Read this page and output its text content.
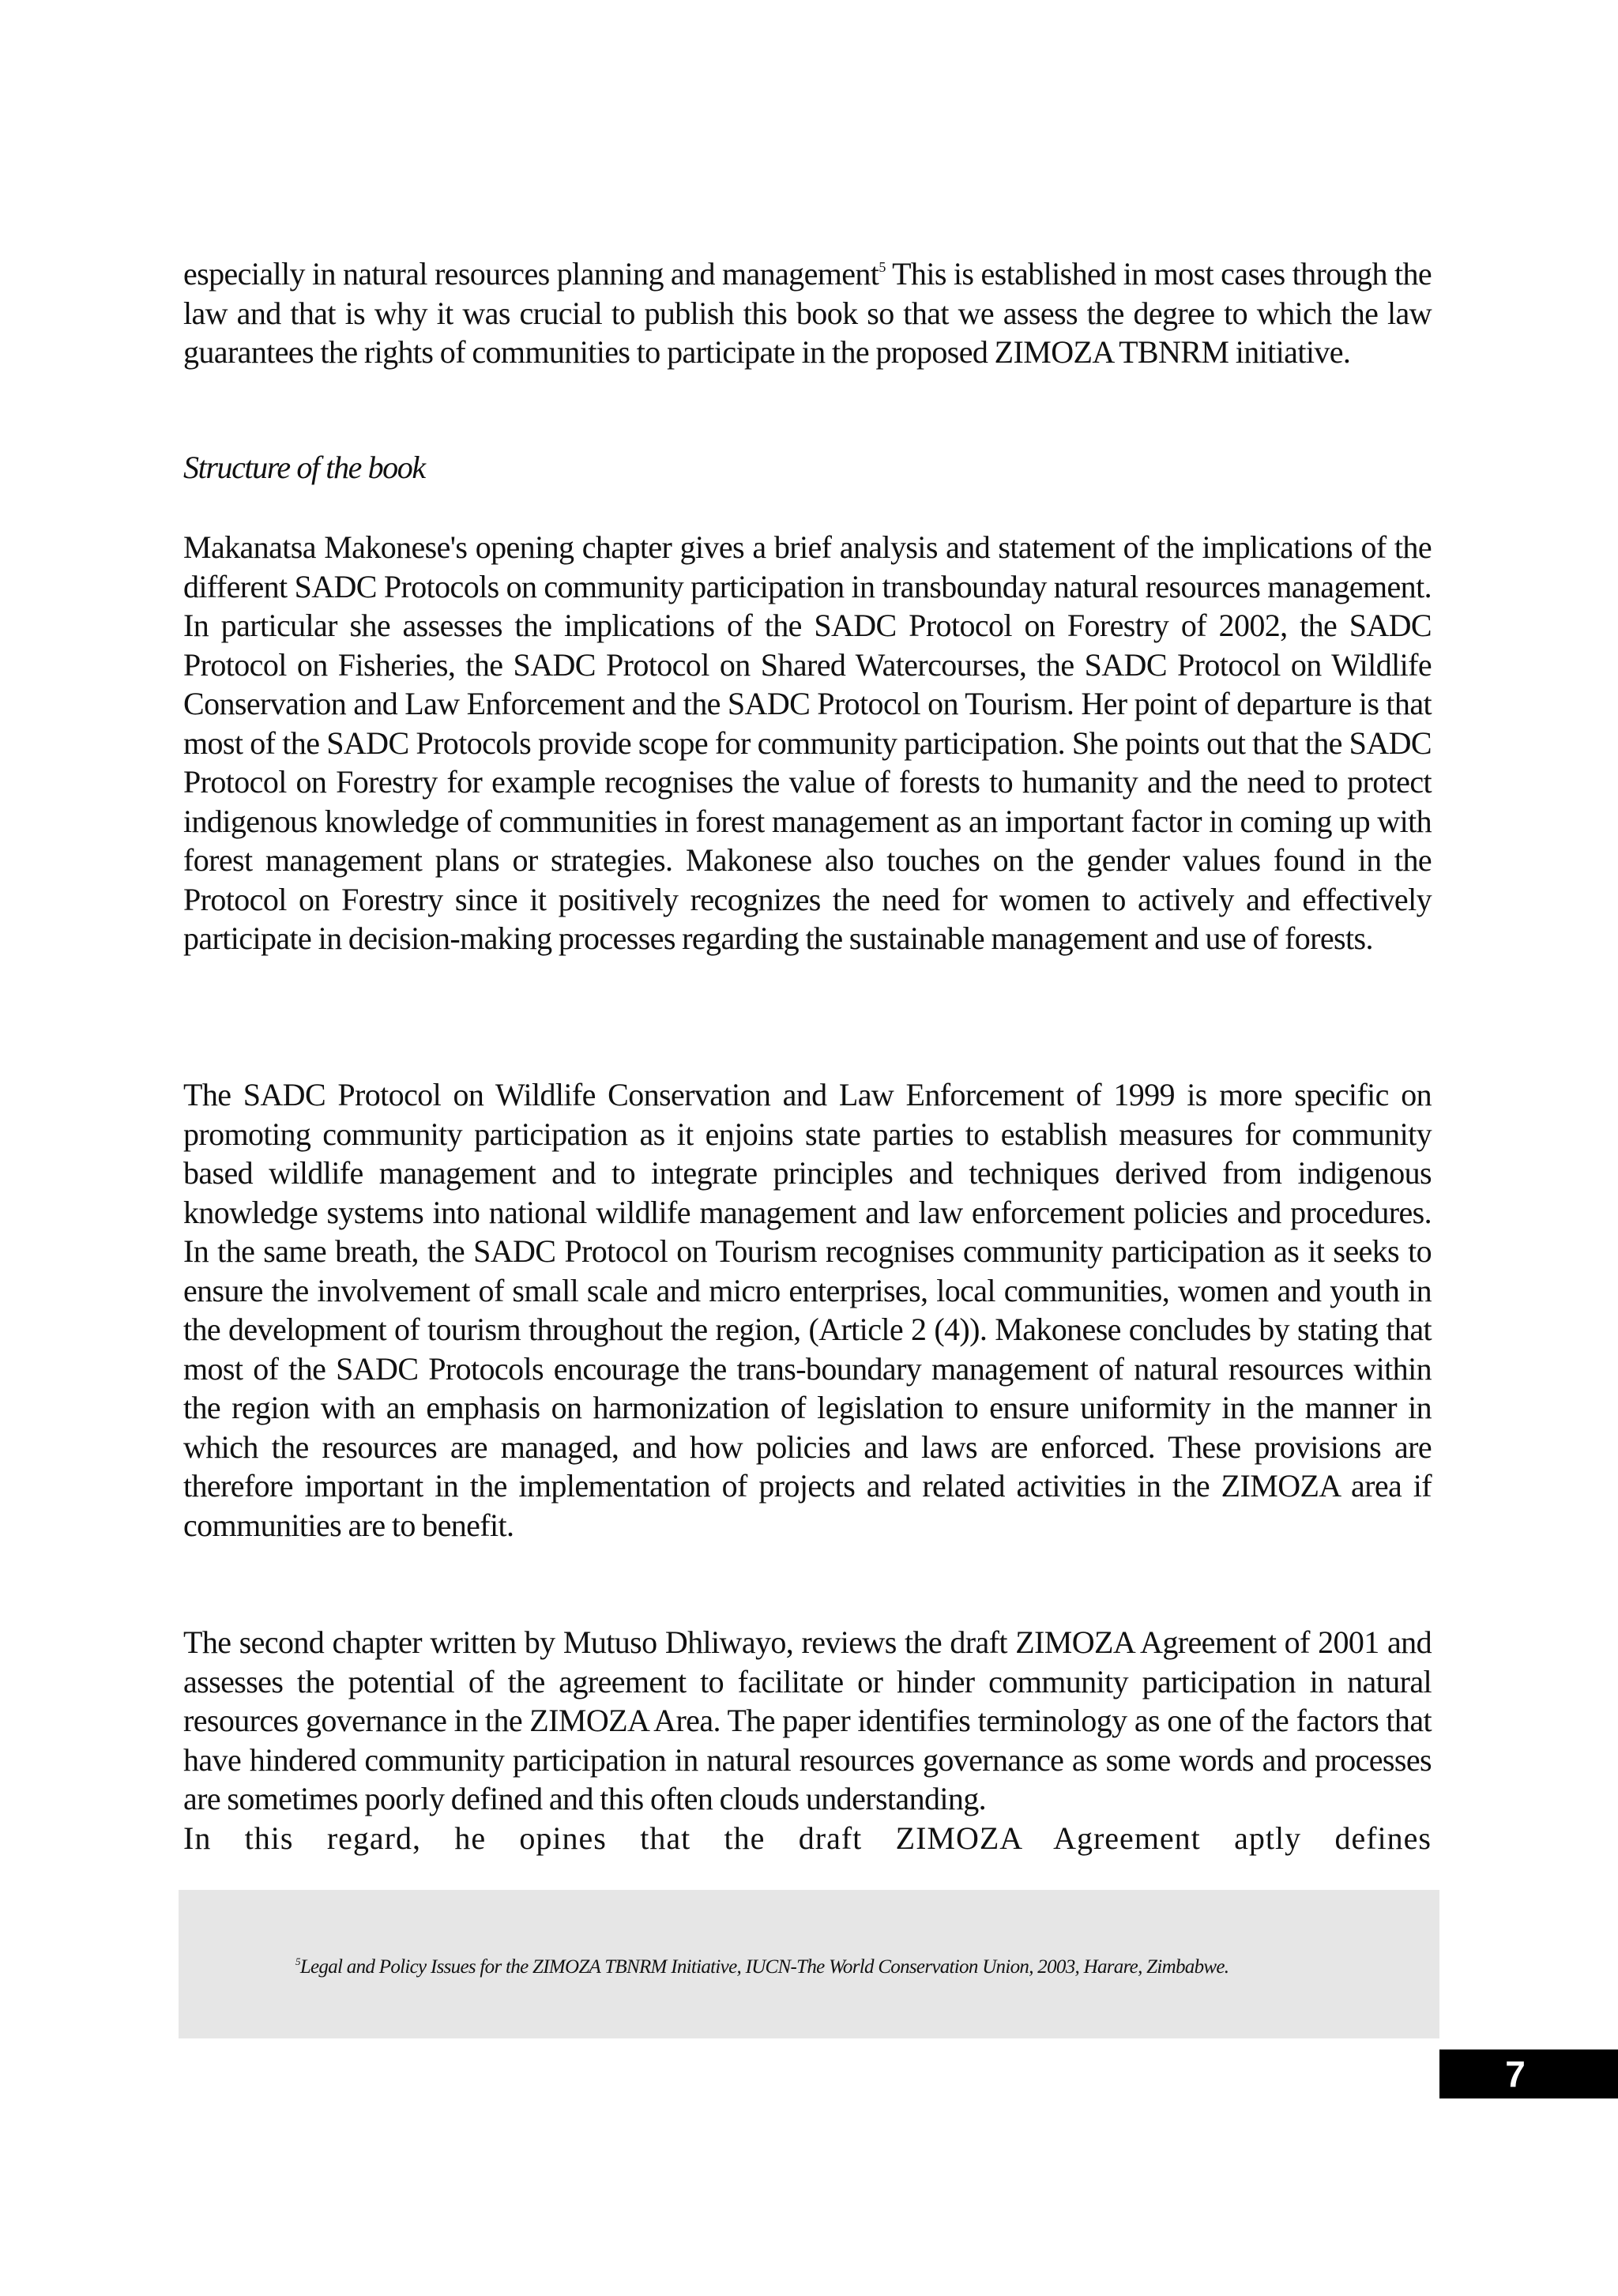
especially in natural resources planning and management$^5$ This is established in most cases through the law and that is why it was crucial to publish this book so that we assess the degree to which the law guarantees the rights of communities to participate in the proposed ZIMOZA TBNRM initiative.
Structure of the book
Makanatsa Makonese's opening chapter gives a brief analysis and statement of the implications of the different SADC Protocols on community participation in transbounday natural resources management. In particular she assesses the implications of the SADC Protocol on Forestry of 2002, the SADC Protocol on Fisheries, the SADC Protocol on Shared Watercourses, the SADC Protocol on Wildlife Conservation and Law Enforcement and the SADC Protocol on Tourism. Her point of departure is that most of the SADC Protocols provide scope for community participation. She points out that the SADC Protocol on Forestry for example recognises the value of forests to humanity and the need to protect indigenous knowledge of communities in forest management as an important factor in coming up with forest management plans or strategies. Makonese also touches on the gender values found in the Protocol on Forestry since it positively recognizes the need for women to actively and effectively participate in decision-making processes regarding the sustainable management and use of forests.
The SADC Protocol on Wildlife Conservation and Law Enforcement of 1999 is more specific on promoting community participation as it enjoins state parties to establish measures for community based wildlife management and to integrate principles and techniques derived from indigenous knowledge systems into national wildlife management and law enforcement policies and procedures. In the same breath, the SADC Protocol on Tourism recognises community participation as it seeks to ensure the involvement of small scale and micro enterprises, local communities, women and youth in the development of tourism throughout the region, (Article 2 (4)). Makonese concludes by stating that most of the SADC Protocols encourage the trans-boundary management of natural resources within the region with an emphasis on harmonization of legislation to ensure uniformity in the manner in which the resources are managed, and how policies and laws are enforced. These provisions are therefore important in the implementation of projects and related activities in the ZIMOZA area if communities are to benefit.
The second chapter written by Mutuso Dhliwayo, reviews the draft ZIMOZA Agreement of 2001 and assesses the potential of the agreement to facilitate or hinder community participation in natural resources governance in the ZIMOZA Area. The paper identifies terminology as one of the factors that have hindered community participation in natural resources governance as some words and processes are sometimes poorly defined and this often clouds understanding.
In this regard, he opines that the draft ZIMOZA Agreement aptly defines
$^5$Legal and Policy Issues for the ZIMOZA TBNRM Initiative, IUCN-The World Conservation Union, 2003, Harare, Zimbabwe.
7
